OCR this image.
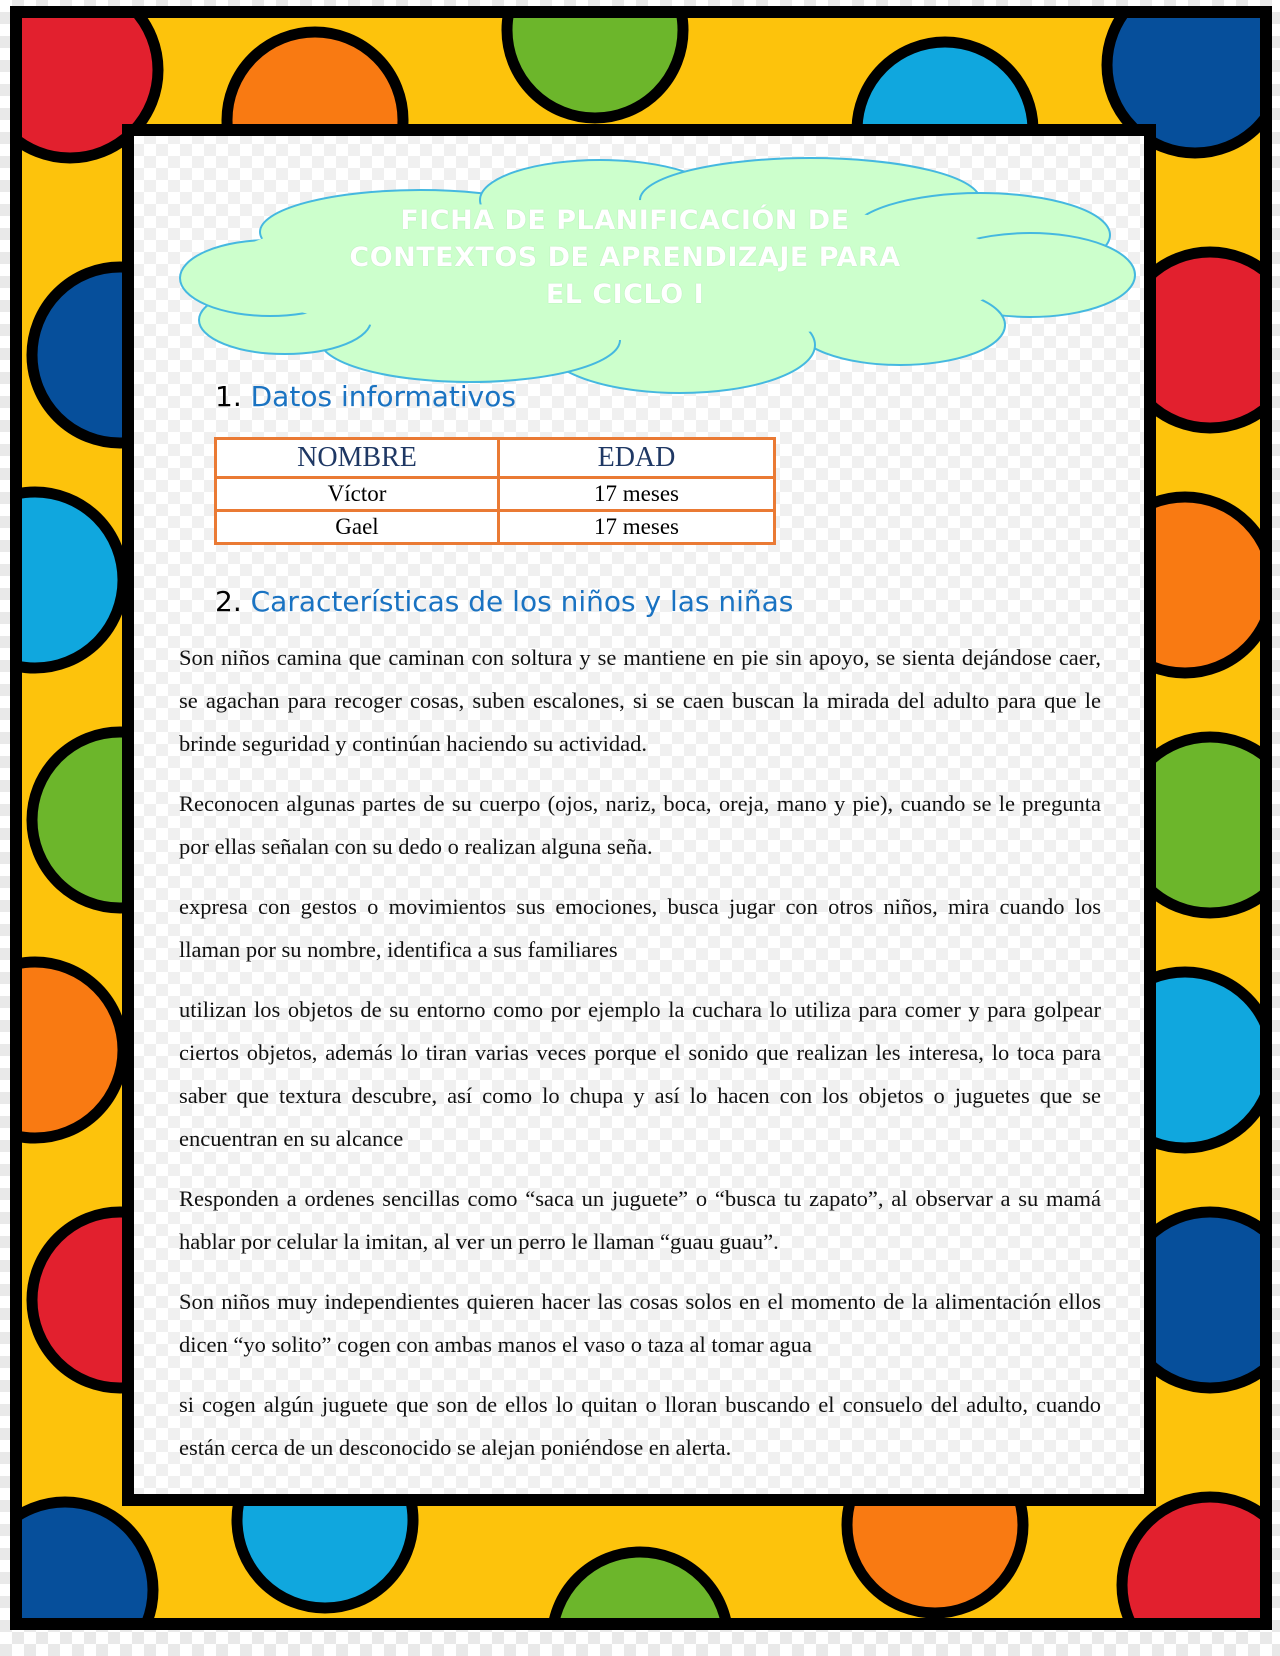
FICHA DE PLANIFICACIÓN DE
CONTEXTOS DE APRENDIZAJE PARA
EL CICLO I
1. Datos informativos
NOMBRE	EDAD
Víctor	17 meses
Gael	17 meses
2. Características de los niños y las niñas

Son niños camina que caminan con soltura y se mantiene en pie sin apoyo, se sienta dejándose caer, se agachan para recoger cosas, suben escalones, si se caen buscan la mirada del adulto para que le brinde seguridad y continúan haciendo su actividad.

Reconocen algunas partes de su cuerpo (ojos, nariz, boca, oreja, mano y pie), cuando se le pregunta por ellas señalan con su dedo o realizan alguna seña.

expresa con gestos o movimientos sus emociones, busca jugar con otros niños, mira cuando los llaman por su nombre, identifica a sus familiares

utilizan los objetos de su entorno como por ejemplo la cuchara lo utiliza para comer y para golpear ciertos objetos, además lo tiran varias veces porque el sonido que realizan les interesa, lo toca para saber que textura descubre, así como lo chupa y así lo hacen con los objetos o juguetes que se encuentran en su alcance

Responden a ordenes sencillas como “saca un juguete” o “busca tu zapato”, al observar a su mamá hablar por celular la imitan, al ver un perro le llaman “guau guau”.

Son niños muy independientes quieren hacer las cosas solos en el momento de la alimentación ellos dicen “yo solito” cogen con ambas manos el vaso o taza al tomar agua

si cogen algún juguete que son de ellos lo quitan o lloran buscando el consuelo del adulto, cuando están cerca de un desconocido se alejan poniéndose en alerta.
